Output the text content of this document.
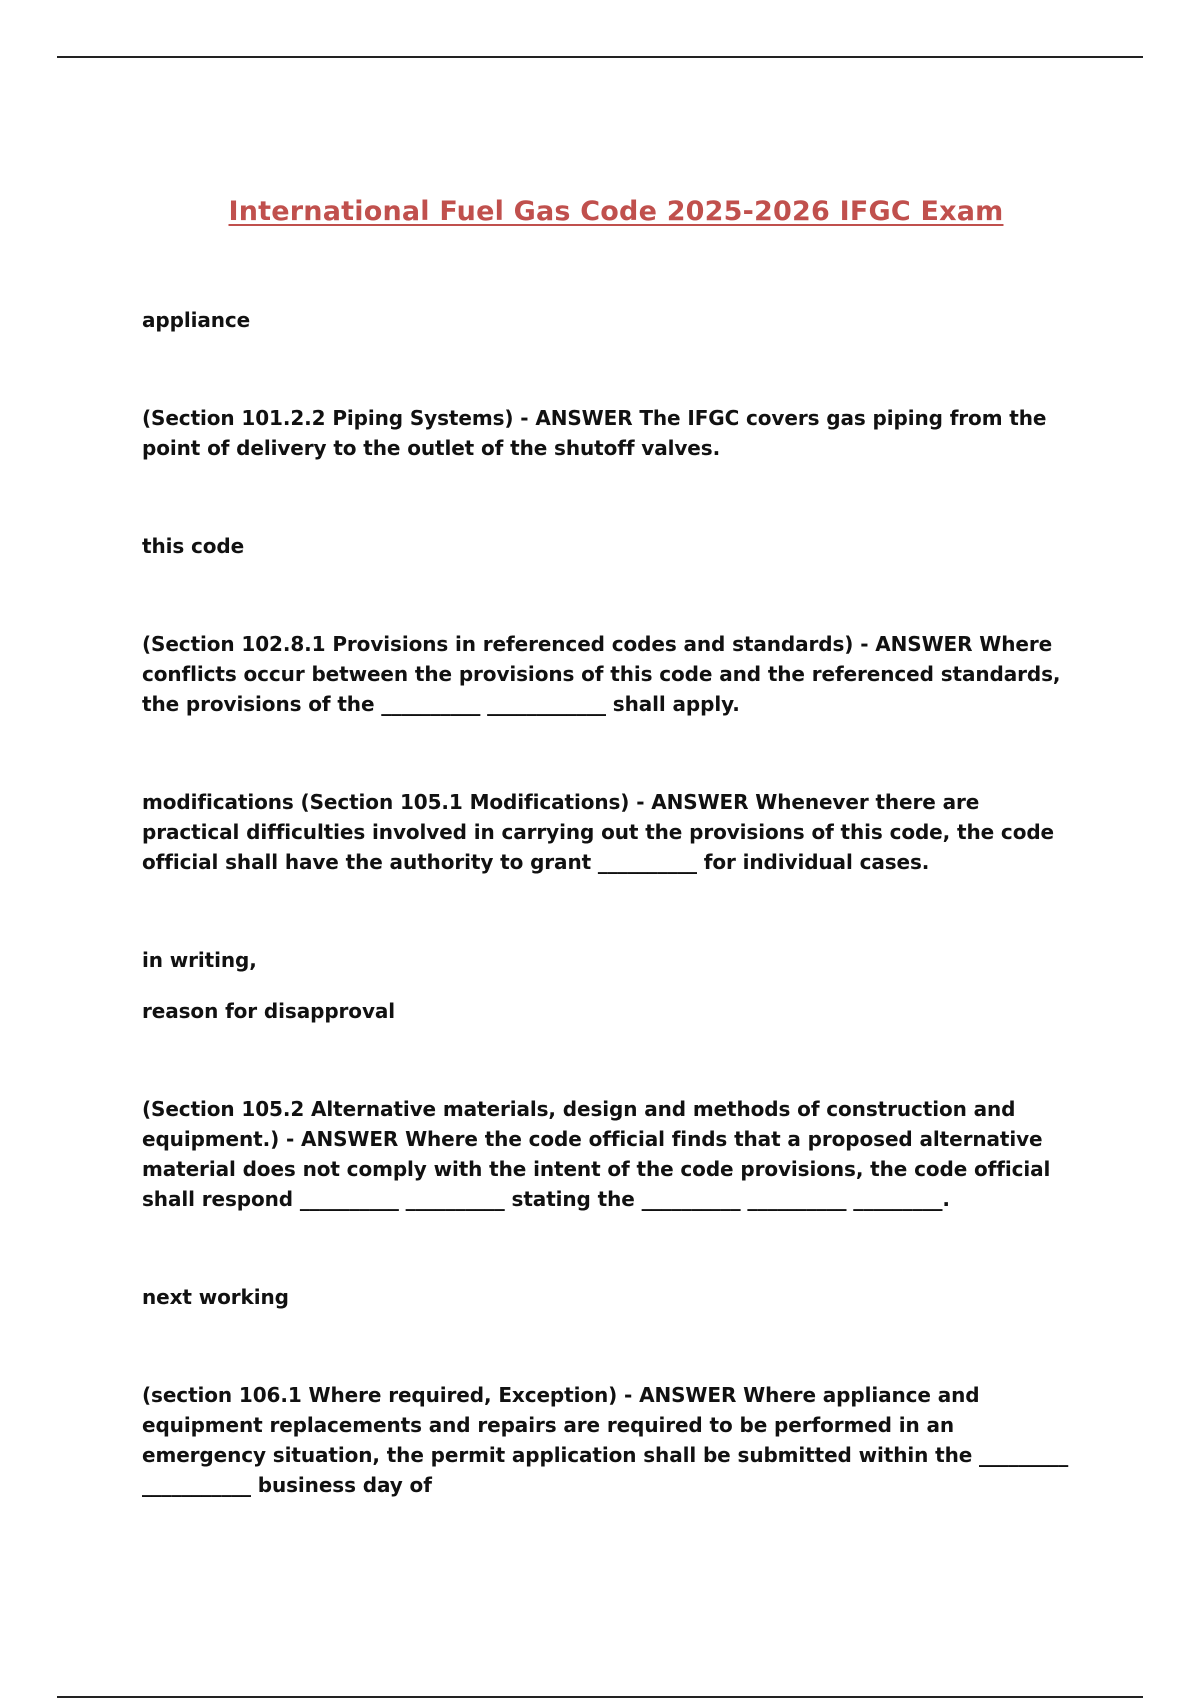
International Fuel Gas Code 2025-2026 IFGC Exam

appliance

(Section 101.2.2 Piping Systems) - ANSWER The IFGC covers gas piping from the point of delivery to the outlet of the shutoff valves.

this code

(Section 102.8.1 Provisions in referenced codes and standards) - ANSWER Where conflicts occur between the provisions of this code and the referenced standards, the provisions of the __________ ____________ shall apply.

modifications (Section 105.1 Modifications) - ANSWER Whenever there are practical difficulties involved in carrying out the provisions of this code, the code official shall have the authority to grant __________ for individual cases.

in writing,

reason for disapproval

(Section 105.2 Alternative materials, design and methods of construction and equipment.) - ANSWER Where the code official finds that a proposed alternative material does not comply with the intent of the code provisions, the code official shall respond __________ __________ stating the __________ __________ _________.

next working

(section 106.1 Where required, Exception) - ANSWER Where appliance and equipment replacements and repairs are required to be performed in an emergency situation, the permit application shall be submitted within the _________ ___________ business day of
